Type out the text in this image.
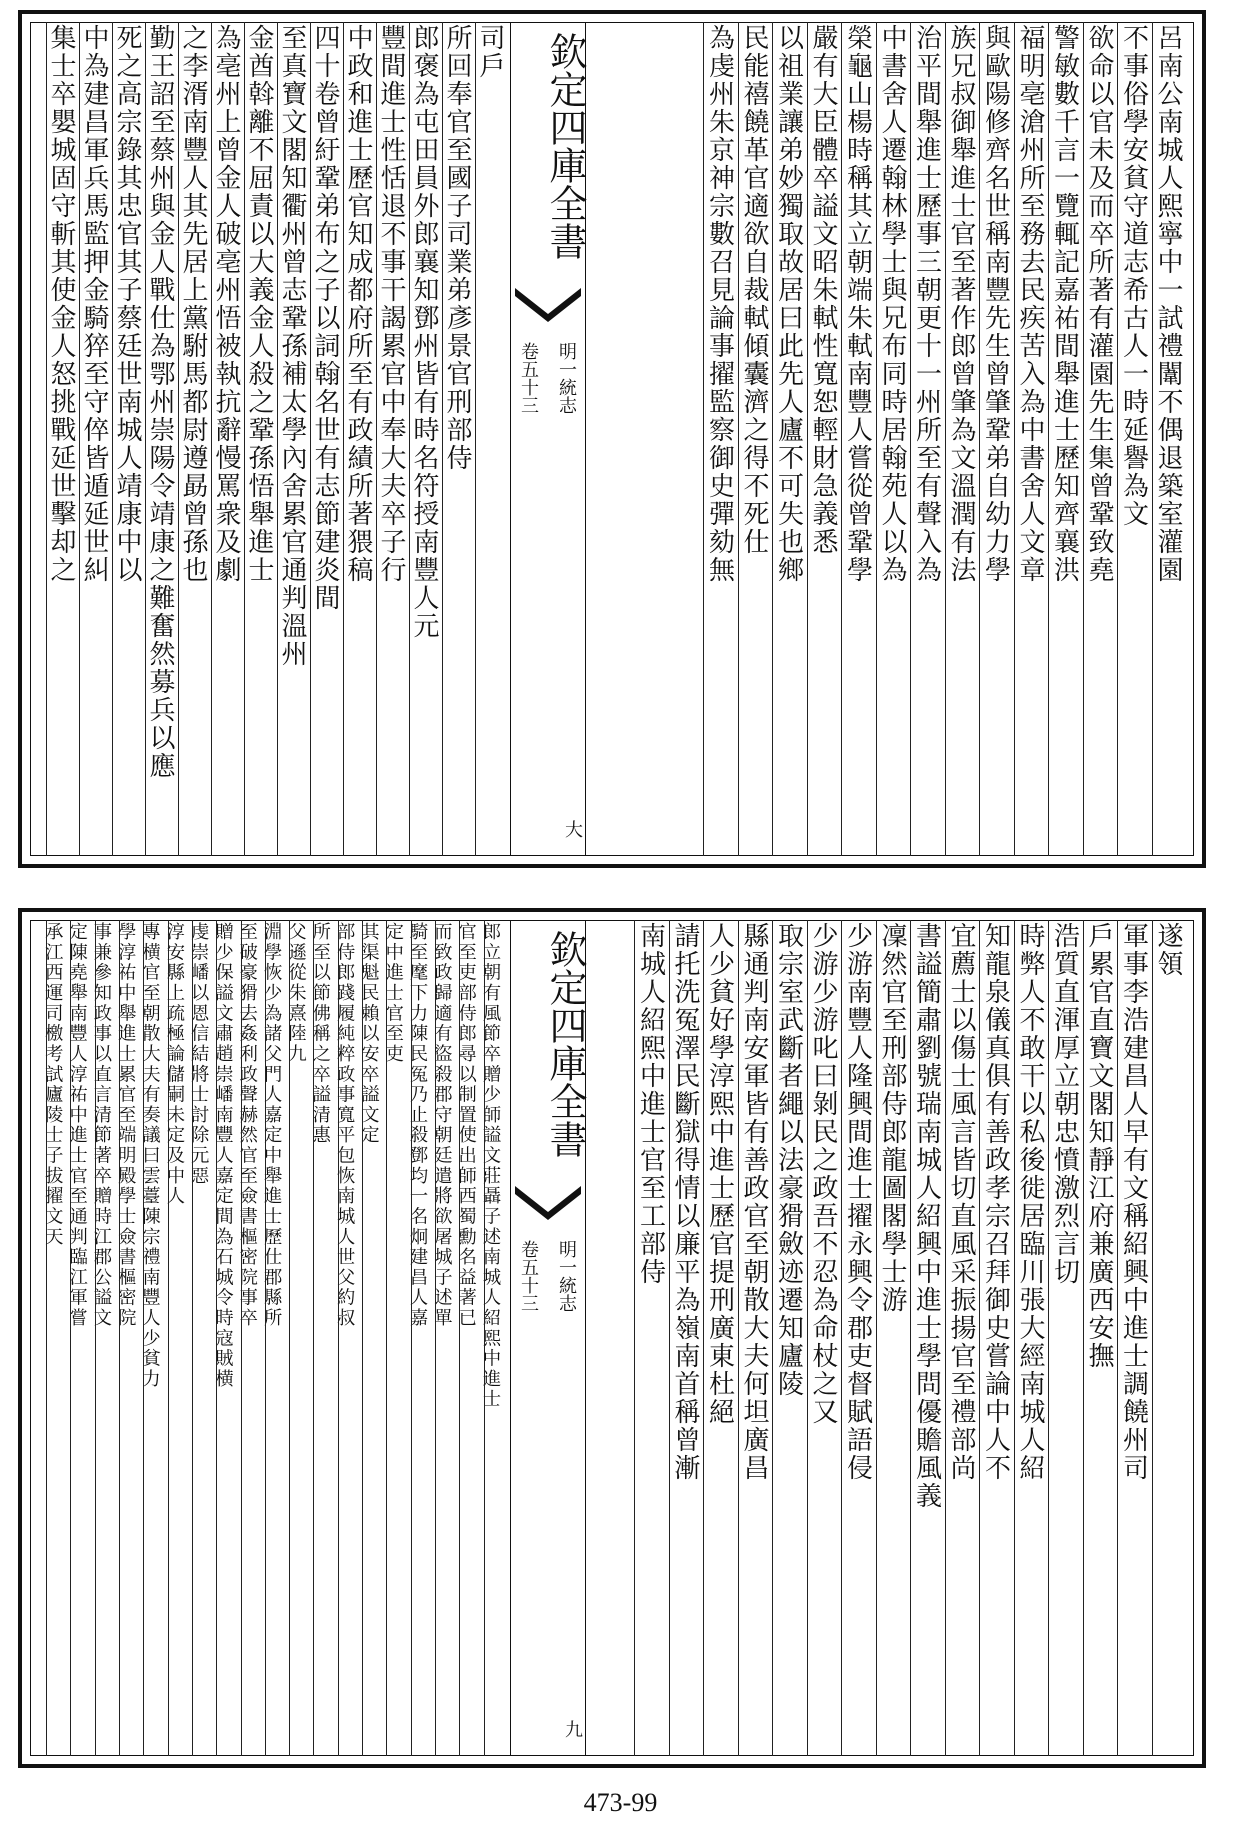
欽定四庫全書
明一統志
卷五十三
大
呂南公南城人熙寧中一試禮闈不偶退築室灌園
不事俗學安貧守道志希古人一時延譽為文
欲命以官未及而卒所著有灌園先生集曾鞏致堯
警敏數千言一覽輒記嘉祐間舉進士歷知齊襄洪
福明亳滄州所至務去民疾苦入為中書舍人文章
與歐陽修齊名世稱南豐先生曾肇鞏弟自幼力學
族兄叔御舉進士官至著作郎曾肇為文溫潤有法
治平間舉進士歷事三朝更十一州所至有聲入為
中書舍人遷翰林學士與兄布同時居翰苑人以為
榮龜山楊時稱其立朝端朱軾南豐人嘗從曾鞏學
嚴有大臣體卒謚文昭朱軾性寬恕輕財急義悉
以祖業讓弟妙獨取故居曰此先人廬不可失也鄉
民能禧饒革官適欲自裁軾傾囊濟之得不死仕
為虔州朱京神宗數召見論事擢監察御史彈劾無
司戶
所回奉官至國子司業弟彥景官刑部侍
郎褒為屯田員外郎襄知鄧州皆有時名符授南豐人元
豐間進士性恬退不事干謁累官中奉大夫卒子行
中政和進士歷官知成都府所至有政績所著猥稿
四十卷曾紆鞏弟布之子以詞翰名世有志節建炎間
至真寶文閣知衢州曾志鞏孫補太學內舍累官通判溫州
金酋斡離不屈責以大義金人殺之鞏孫悟舉進士
為亳州上曾金人破亳州悟被執抗辭慢罵衆及劇
之李湑南豐人其先居上黨駙馬都尉遵勗曾孫也
勤王詔至蔡州與金人戰仕為鄂州崇陽令靖康之難奮然募兵以應
死之高宗錄其忠官其子蔡廷世南城人靖康中以
中為建昌軍兵馬監押金騎猝至守倅皆遁延世糾
集士卒嬰城固守斬其使金人怒挑戰延世擊却之
欽定四庫全書
明一統志
卷五十三
九
遂領
軍事李浩建昌人早有文稱紹興中進士調饒州司
戶累官直寶文閣知靜江府兼廣西安撫
浩質直渾厚立朝忠憤激烈言切
時弊人不敢干以私後徙居臨川張大經南城人紹
知龍泉儀真俱有善政孝宗召拜御史嘗論中人不
宜薦士以傷士風言皆切直風采振揚官至禮部尚
書謚簡肅劉號瑞南城人紹興中進士學問優贍風義
凜然官至刑部侍郎龍圖閣學士游
少游南豐人隆興間進士擢永興令郡吏督賦語侵
少游少游叱曰剝民之政吾不忍為命杖之又
取宗室武斷者繩以法豪猾斂迹遷知廬陵
縣通判南安軍皆有善政官至朝散大夫何坦廣昌
人少貧好學淳熙中進士歷官提刑廣東杜絕
請托洗冤澤民斷獄得情以廉平為嶺南首稱曾漸
南城人紹熙中進士官至工部侍
郎立朝有風節卒贈少師謚文莊聶子述南城人紹熙中進士
官至吏部侍郎尋以制置使出師西蜀勳名益著已
而致政歸適有盜殺郡守朝廷遣將欲屠城子述單
騎至麾下力陳民冤乃止殺鄧均一名炯建昌人嘉
定中進士官至吏
其渠魁民賴以安卒謚文定
部侍郎踐履純粹政事寬平包恢南城人世父約叔
所至以節佛稱之卒謚清惠
父遜從朱熹陸九
淵學恢少為諸父門人嘉定中舉進士歷仕郡縣所
至破豪猾去姦利政聲赫然官至僉書樞密院事卒
贈少保謚文肅趙崇嶓南豐人嘉定間為石城令時寇賊横
虔崇嶓以恩信結將士討除元惡
淳安縣上疏極論儲嗣未定及中人
專横官至朝散大夫有奏議曰雲薹陳宗禮南豐人少貧力
學淳祐中舉進士累官至端明殿學士僉書樞密院
事兼參知政事以直言清節著卒贈時江郡公謚文
定陳堯舉南豐人淳祐中進士官至通判臨江軍嘗
承江西運司檄考試廬陵士子拔擢文天
473-99
